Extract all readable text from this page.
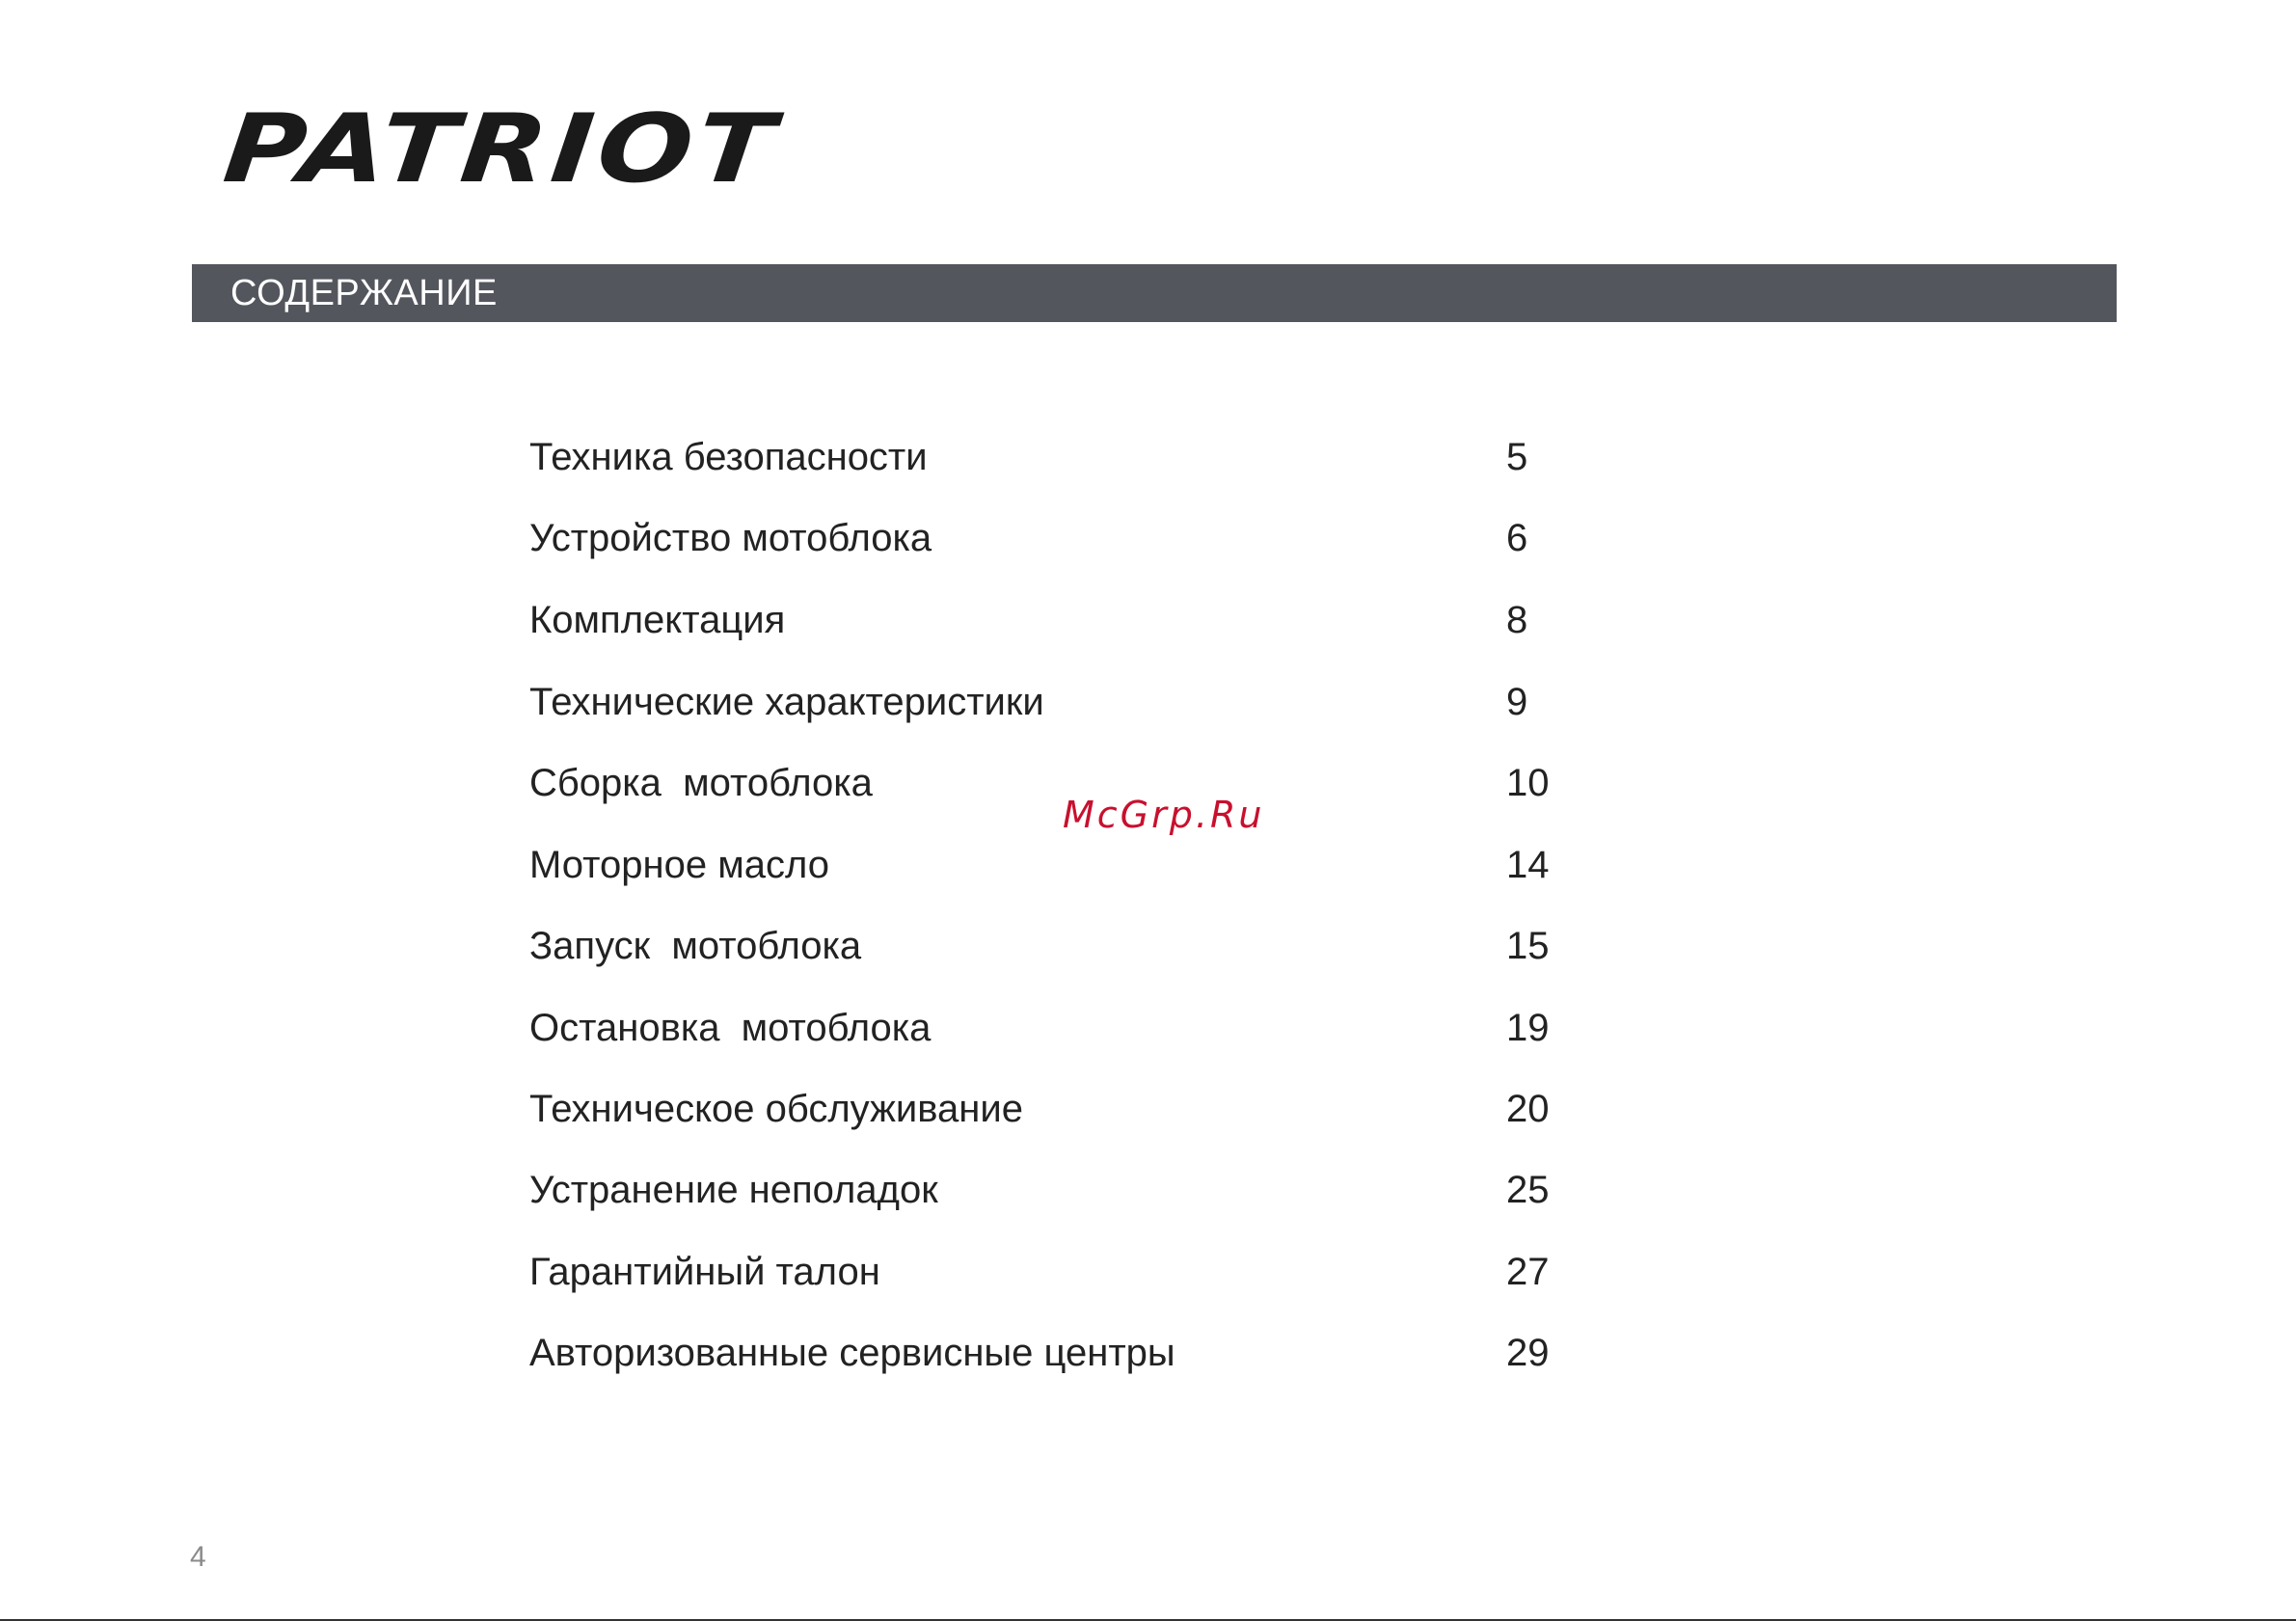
PATRIOT
СОДЕРЖАНИЕ
Техника безопасности	5
Устройство мотоблока	6
Комплектация	8
Технические характеристики	9
Сборка  мотоблока	10
Моторное масло	14
Запуск  мотоблока	15
Остановка  мотоблока	19
Техническое обслуживание	20
Устранение неполадок	25
Гарантийный талон	27
Авторизованные сервисные центры	29
McGrp.Ru
4
